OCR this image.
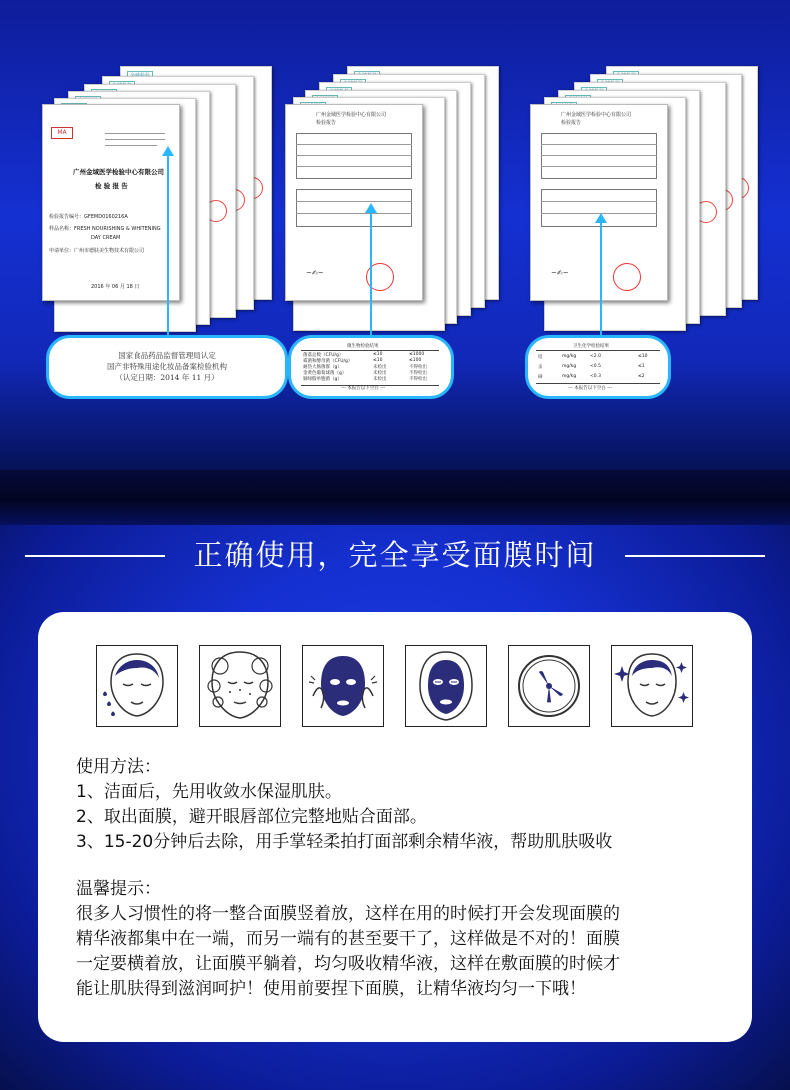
MA
广州金域医学检验中心有限公司
检 验 报 告
检验报告编号：GFEMD0160216A
样品名称：FRESH NOURISHING & WHITENING
DAY CREAM
申请单位：广州市德肤美生物技术有限公司
2016 年 06 月 18 日
广州金域医学检验中心有限公司
检验报告
~✍~
广州金域医学检验中心有限公司
检验报告
~✍~
国家食品药品监督管理局认定
国产非特殊用途化妆品备案检验机构
（认定日期：2014 年 11 月）
微生物检验结果
菌落总数（CFU/g）	≤10	≤1000
霉菌和酵母菌（CFU/g）	≤10	≤100
耐热大肠菌群（g）	未检出	不得检出
金黄色葡萄球菌（g）	未检出	不得检出
铜绿假单胞菌（g）	未检出	不得检出
--- 本报告以下空白 ---
卫生化学检验结果
铅	mg/kg	<2.0	≤10
汞	mg/kg	<0.5	≤1
砷	mg/kg	<0.3	≤2
--- 本报告以下空白 ---
正确使用，完全享受面膜时间
使用方法：
1、洁面后，先用收敛水保湿肌肤。
2、取出面膜，避开眼唇部位完整地贴合面部。
3、15-20分钟后去除，用手掌轻柔拍打面部剩余精华液，帮助肌肤吸收
温馨提示：
很多人习惯性的将一整合面膜竖着放，这样在用的时候打开会发现面膜的
精华液都集中在一端，而另一端有的甚至要干了，这样做是不对的！面膜
一定要横着放，让面膜平躺着，均匀吸收精华液，这样在敷面膜的时候才
能让肌肤得到滋润呵护！使用前要捏下面膜，让精华液均匀一下哦！
